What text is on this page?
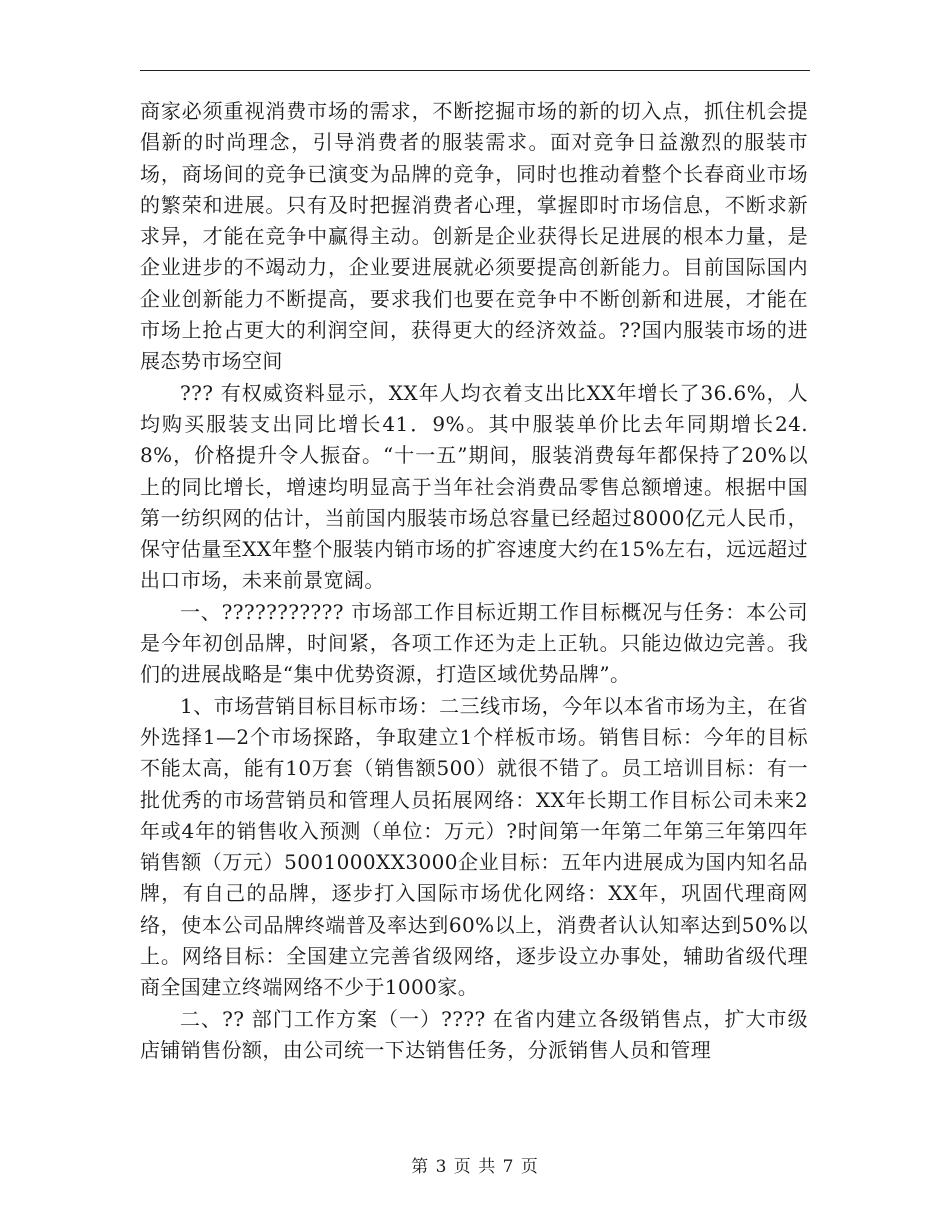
商家必须重视消费市场的需求，不断挖掘市场的新的切入点，抓住机会提倡新的时尚理念，引导消费者的服装需求。面对竞争日益激烈的服装市场，商场间的竞争已演变为品牌的竞争，同时也推动着整个长春商业市场的繁荣和进展。只有及时把握消费者心理，掌握即时市场信息，不断求新求异，才能在竞争中赢得主动。创新是企业获得长足进展的根本力量，是企业进步的不竭动力，企业要进展就必须要提高创新能力。目前国际国内企业创新能力不断提高，要求我们也要在竞争中不断创新和进展，才能在市场上抢占更大的利润空间，获得更大的经济效益。??国内服装市场的进展态势市场空间

??? 有权威资料显示，XX年人均衣着支出比XX年增长了36.6%，人均购买服装支出同比增长41．9%。其中服装单价比去年同期增长24.8%，价格提升令人振奋。“十一五”期间，服装消费每年都保持了20%以上的同比增长，增速均明显高于当年社会消费品零售总额增速。根据中国第一纺织网的估计，当前国内服装市场总容量已经超过8000亿元人民币，保守估量至XX年整个服装内销市场的扩容速度大约在15%左右，远远超过出口市场，未来前景宽阔。

一、??????????? 市场部工作目标近期工作目标概况与任务：本公司是今年初创品牌，时间紧，各项工作还为走上正轨。只能边做边完善。我们的进展战略是“集中优势资源，打造区域优势品牌”。

1、市场营销目标目标市场：二三线市场，今年以本省市场为主，在省外选择1—2个市场探路，争取建立1个样板市场。销售目标：今年的目标不能太高，能有10万套（销售额500）就很不错了。员工培训目标：有一批优秀的市场营销员和管理人员拓展网络：XX年长期工作目标公司未来2年或4年的销售收入预测（单位：万元）?时间第一年第二年第三年第四年销售额（万元）5001000XX3000企业目标：五年内进展成为国内知名品牌，有自己的品牌，逐步打入国际市场优化网络：XX年，巩固代理商网络，使本公司品牌终端普及率达到60%以上，消费者认认知率达到50%以上。网络目标：全国建立完善省级网络，逐步设立办事处，辅助省级代理商全国建立终端网络不少于1000家。

二、?? 部门工作方案（一）???? 在省内建立各级销售点，扩大市级店铺销售份额，由公司统一下达销售任务，分派销售人员和管理

第 3 页 共 7 页
